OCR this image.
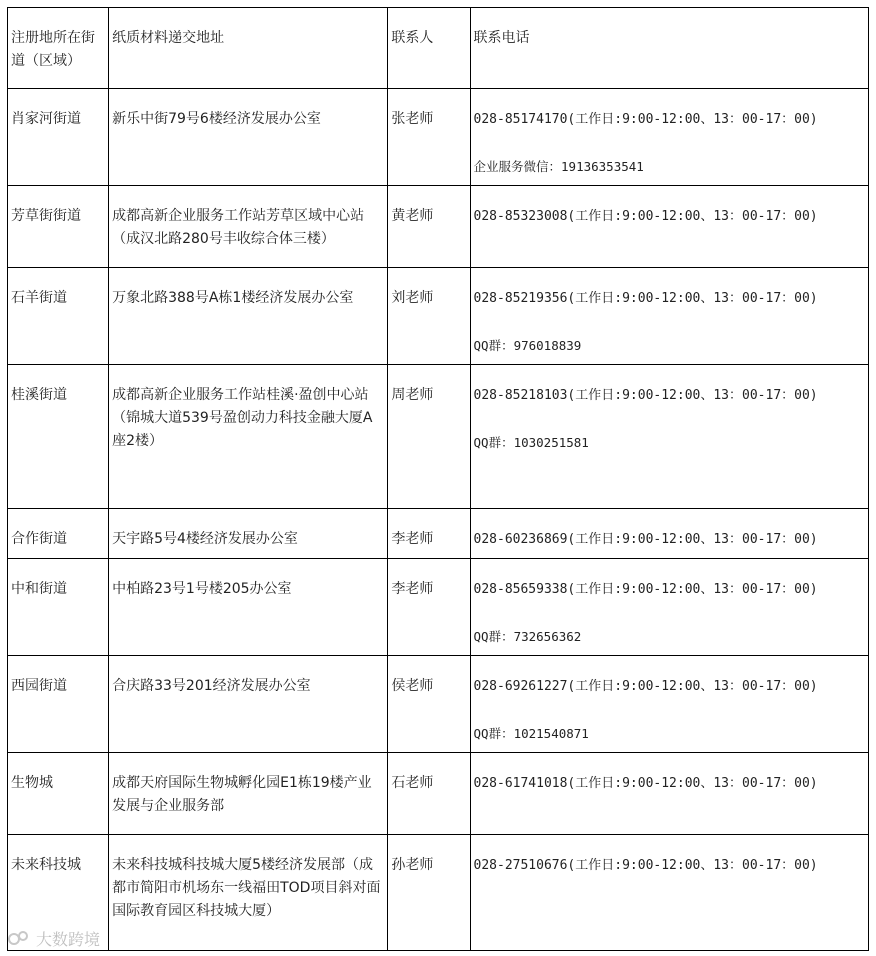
注册地所在街道（区域）	纸质材料递交地址	联系人	联系电话

肖家河街道	新乐中街79号6楼经济发展办公室	张老师	028-85174170(工作日:9:00-12:00、13：00-17：00)
企业服务微信：19136353541

芳草街街道	成都高新企业服务工作站芳草区域中心站（成汉北路280号丰收综合体三楼）	黄老师	028-85323008(工作日:9:00-12:00、13：00-17：00)

石羊街道	万象北路388号A栋1楼经济发展办公室	刘老师	028-85219356(工作日:9:00-12:00、13：00-17：00)
QQ群：976018839

桂溪街道	成都高新企业服务工作站桂溪·盈创中心站（锦城大道539号盈创动力科技金融大厦A座2楼）	周老师	028-85218103(工作日:9:00-12:00、13：00-17：00)
QQ群：1030251581

合作街道	天宇路5号4楼经济发展办公室	李老师	028-60236869(工作日:9:00-12:00、13：00-17：00)

中和街道	中柏路23号1号楼205办公室	李老师	028-85659338(工作日:9:00-12:00、13：00-17：00)
QQ群：732656362

西园街道	合庆路33号201经济发展办公室	侯老师	028-69261227(工作日:9:00-12:00、13：00-17：00)
QQ群：1021540871

生物城	成都天府国际生物城孵化园E1栋19楼产业发展与企业服务部	石老师	028-61741018(工作日:9:00-12:00、13：00-17：00)

未来科技城	未来科技城科技城大厦5楼经济发展部（成都市简阳市机场东一线福田TOD项目斜对面国际教育园区科技城大厦）	孙老师	028-27510676(工作日:9:00-12:00、13：00-17：00)
大数跨境
